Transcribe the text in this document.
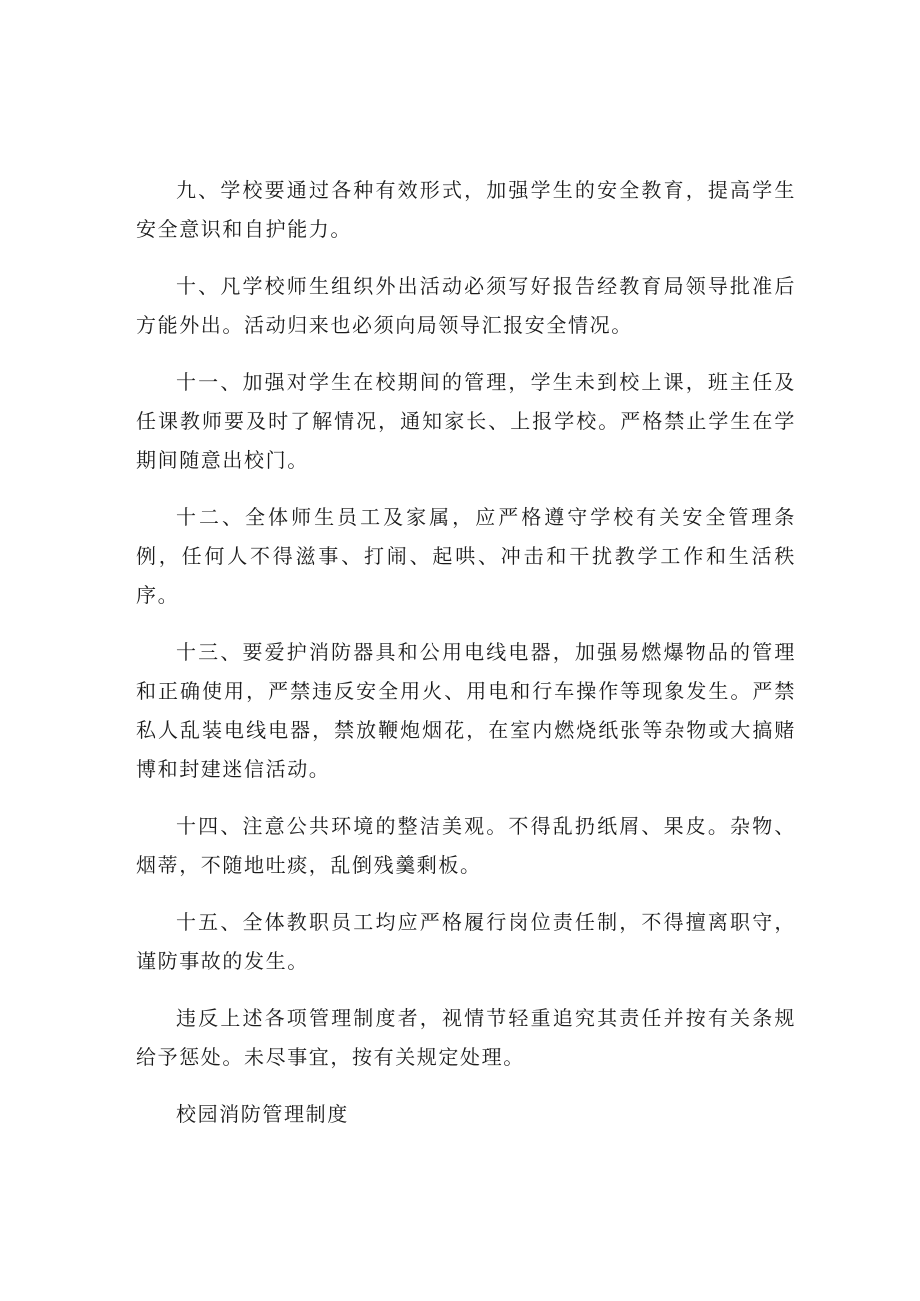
九、学校要通过各种有效形式，加强学生的安全教育，提高学生安全意识和自护能力。

十、凡学校师生组织外出活动必须写好报告经教育局领导批准后方能外出。活动归来也必须向局领导汇报安全情况。

十一、加强对学生在校期间的管理，学生未到校上课，班主任及任课教师要及时了解情况，通知家长、上报学校。严格禁止学生在学期间随意出校门。

十二、全体师生员工及家属，应严格遵守学校有关安全管理条例，任何人不得滋事、打闹、起哄、冲击和干扰教学工作和生活秩序。

十三、要爱护消防器具和公用电线电器，加强易燃爆物品的管理和正确使用，严禁违反安全用火、用电和行车操作等现象发生。严禁私人乱装电线电器，禁放鞭炮烟花，在室内燃烧纸张等杂物或大搞赌博和封建迷信活动。

十四、注意公共环境的整洁美观。不得乱扔纸屑、果皮。杂物、烟蒂，不随地吐痰，乱倒残羹剩板。

十五、全体教职员工均应严格履行岗位责任制，不得擅离职守，谨防事故的发生。

违反上述各项管理制度者，视情节轻重追究其责任并按有关条规给予惩处。未尽事宜，按有关规定处理。

校园消防管理制度
